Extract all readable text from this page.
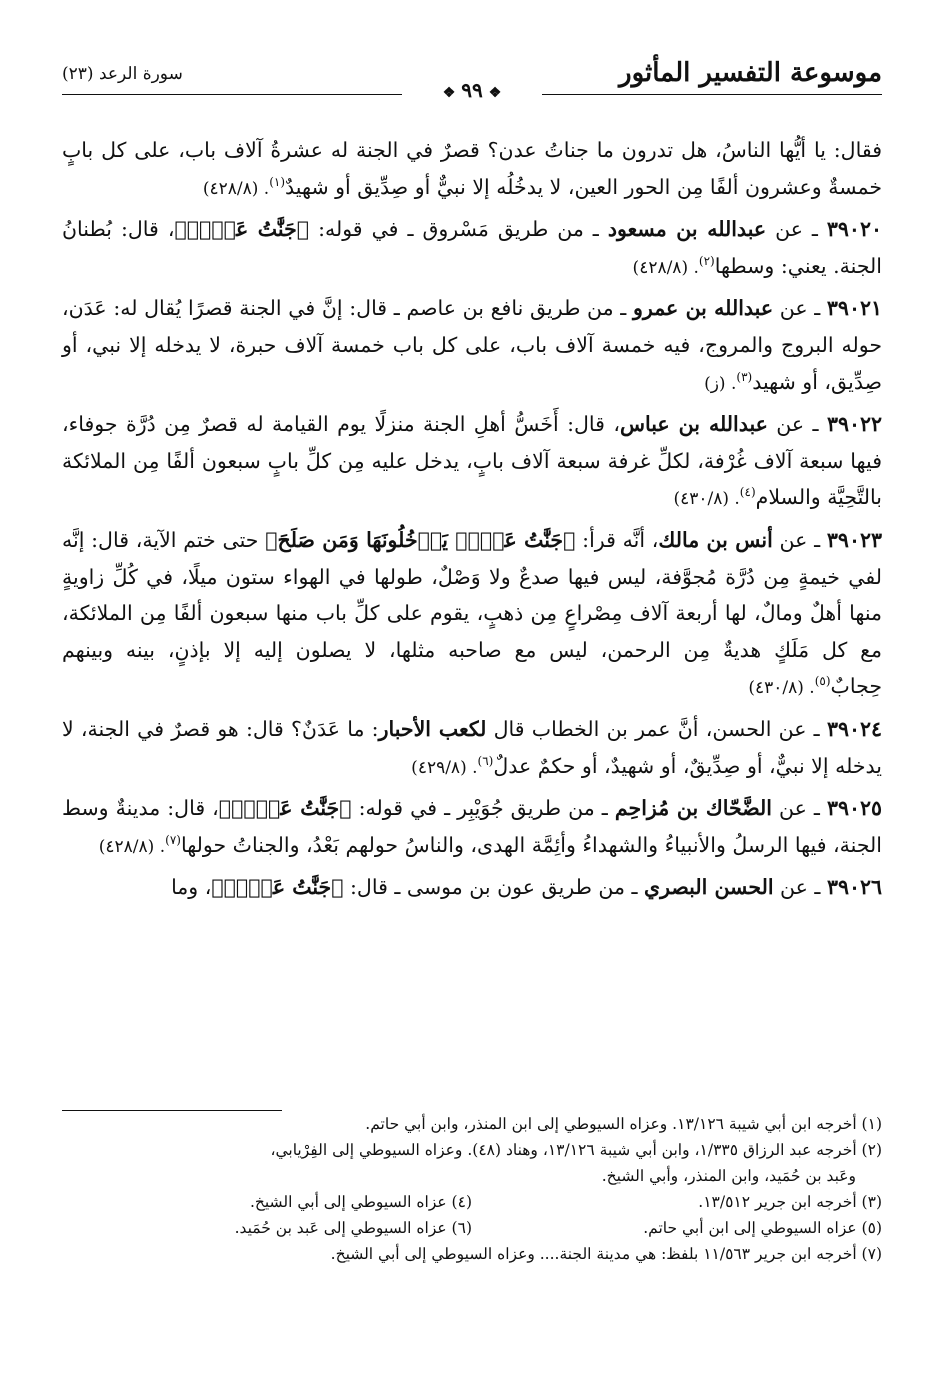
موسوعة التفسير المأثور
سورة الرعد (٢٣)
❖٩٩❖

فقال: يا أيُّها الناسُ، هل تدرون ما جناتُ عدن؟ قصرٌ في الجنة له عشرةُ آلاف باب، على كل بابٍ خمسةٌ وعشرون ألفًا مِن الحور العين، لا يدخُلُه إلا نبيٌّ أو صِدِّيق أو شهيدٌ$^{(١)}$. (٤٢٨/٨)

٣٩٠٢٠ ـ عن عبدالله بن مسعود ـ من طريق مَسْروق ـ في قوله: ﴿جَنَّٰتُ عَدۡنٖ﴾، قال: بُطنانُ الجنة. يعني: وسطها$^{(٢)}$. (٤٢٨/٨)

٣٩٠٢١ ـ عن عبدالله بن عمرو ـ من طريق نافع بن عاصم ـ قال: إنَّ في الجنة قصرًا يُقال له: عَدَن، حوله البروج والمروج، فيه خمسة آلاف باب، على كل باب خمسة آلاف حبرة، لا يدخله إلا نبي، أو صِدِّيق، أو شهيد$^{(٣)}$. (ز)

٣٩٠٢٢ ـ عن عبدالله بن عباس، قال: أَخَسُّ أهلِ الجنة منزلًا يوم القيامة له قصرٌ مِن دُرَّة جوفاء، فيها سبعة آلاف غُرْفة، لكلِّ غرفة سبعة آلاف بابٍ، يدخل عليه مِن كلِّ بابٍ سبعون ألفًا مِن الملائكة بالتَّحِيَّة والسلام$^{(٤)}$. (٤٣٠/٨)

٣٩٠٢٣ ـ عن أنس بن مالك، أنَّه قرأ: ﴿جَنَّٰتُ عَدۡنٖ يَدۡخُلُونَهَا وَمَن صَلَحَ﴾ حتى ختم الآية، قال: إنَّه لفي خيمةٍ مِن دُرَّة مُجوَّفة، ليس فيها صدعٌ ولا وَصْلٌ، طولها في الهواء ستون ميلًا، في كُلِّ زاويةٍ منها أهلٌ ومالٌ، لها أربعة آلاف مِصْراعٍ مِن ذهبٍ، يقوم على كلِّ باب منها سبعون ألفًا مِن الملائكة، مع كل مَلَكٍ هديةٌ مِن الرحمن، ليس مع صاحبه مثلها، لا يصلون إليه إلا بإذنٍ، بينه وبينهم حِجابٌ$^{(٥)}$. (٤٣٠/٨)

٣٩٠٢٤ ـ عن الحسن، أنَّ عمر بن الخطاب قال لكعب الأحبار: ما عَدَنٌ؟ قال: هو قصرٌ في الجنة، لا يدخله إلا نبيٌّ، أو صِدِّيقٌ، أو شهيدٌ، أو حكمٌ عدلٌ$^{(٦)}$. (٤٢٩/٨)

٣٩٠٢٥ ـ عن الضَّحّاك بن مُزاحِم ـ من طريق جُوَيْبِر ـ في قوله: ﴿جَنَّٰتُ عَدۡنٖ﴾، قال: مدينةٌ وسط الجنة، فيها الرسلُ والأنبياءُ والشهداءُ وأئِمَّة الهدى، والناسُ حولهم بَعْدُ، والجناتُ حولها$^{(٧)}$. (٤٢٨/٨)

٣٩٠٢٦ ـ عن الحسن البصري ـ من طريق عون بن موسى ـ قال: ﴿جَنَّٰتُ عَدۡنٖ﴾، وما

(١) أخرجه ابن أبي شيبة ١٣/١٢٦. وعزاه السيوطي إلى ابن المنذر، وابن أبي حاتم.

(٢) أخرجه عبد الرزاق ١/٣٣٥، وابن أبي شيبة ١٣/١٢٦، وهناد (٤٨). وعزاه السيوطي إلى الفِرْيابي،

وعَبد بن حُمَيد، وابن المنذر، وأبي الشيخ.

(٣) أخرجه ابن جرير ١٣/٥١٢.
(٤) عزاه السيوطي إلى أبي الشيخ.
(٥) عزاه السيوطي إلى ابن أبي حاتم.
(٦) عزاه السيوطي إلى عَبد بن حُمَيد.

(٧) أخرجه ابن جرير ١١/٥٦٣ بلفظ: هي مدينة الجنة.... وعزاه السيوطي إلى أبي الشيخ.
